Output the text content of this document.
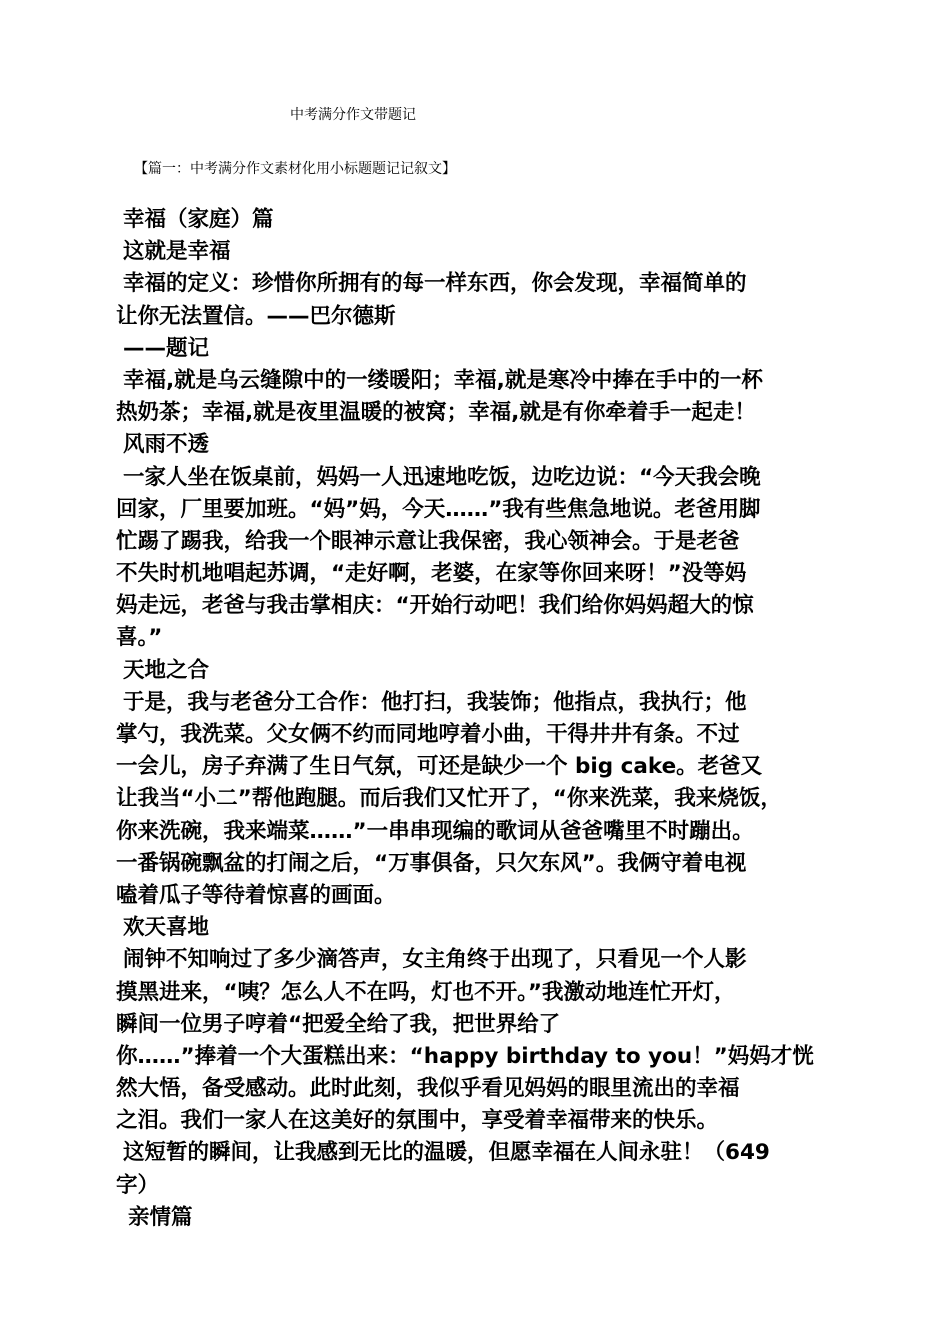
中考满分作文带题记
【篇一：中考满分作文素材化用小标题题记记叙文】
幸福（家庭）篇
这就是幸福
幸福的定义：珍惜你所拥有的每一样东西，你会发现，幸福简单的
让你无法置信。——巴尔德斯
——题记
幸福,就是乌云缝隙中的一缕暖阳；幸福,就是寒冷中捧在手中的一杯
热奶茶；幸福,就是夜里温暖的被窝；幸福,就是有你牵着手一起走！
风雨不透
一家人坐在饭桌前，妈妈一人迅速地吃饭，边吃边说：“今天我会晚
回家，厂里要加班。“妈”妈，今天……”我有些焦急地说。老爸用脚
忙踢了踢我，给我一个眼神示意让我保密，我心领神会。于是老爸
不失时机地唱起苏调，“走好啊，老婆，在家等你回来呀！”没等妈
妈走远，老爸与我击掌相庆：“开始行动吧！我们给你妈妈超大的惊
喜。”
天地之合
于是，我与老爸分工合作：他打扫，我装饰；他指点，我执行；他
掌勺，我洗菜。父女俩不约而同地哼着小曲，干得井井有条。不过
一会儿，房子弃满了生日气氛，可还是缺少一个 big cake。老爸又
让我当“小二”帮他跑腿。而后我们又忙开了，“你来洗菜，我来烧饭，
你来洗碗，我来端菜……”一串串现编的歌词从爸爸嘴里不时蹦出。
一番锅碗飘盆的打闹之后，“万事俱备，只欠东风”。我俩守着电视
嗑着瓜子等待着惊喜的画面。
欢天喜地
闹钟不知响过了多少滴答声，女主角终于出现了，只看见一个人影
摸黑进来，“咦？怎么人不在吗，灯也不开。”我激动地连忙开灯，
瞬间一位男子哼着“把爱全给了我，把世界给了
你……”捧着一个大蛋糕出来：“happy birthday to you！”妈妈才恍
然大悟，备受感动。此时此刻，我似乎看见妈妈的眼里流出的幸福
之泪。我们一家人在这美好的氛围中，享受着幸福带来的快乐。
这短暂的瞬间，让我感到无比的温暖，但愿幸福在人间永驻！（649
字）
亲情篇
